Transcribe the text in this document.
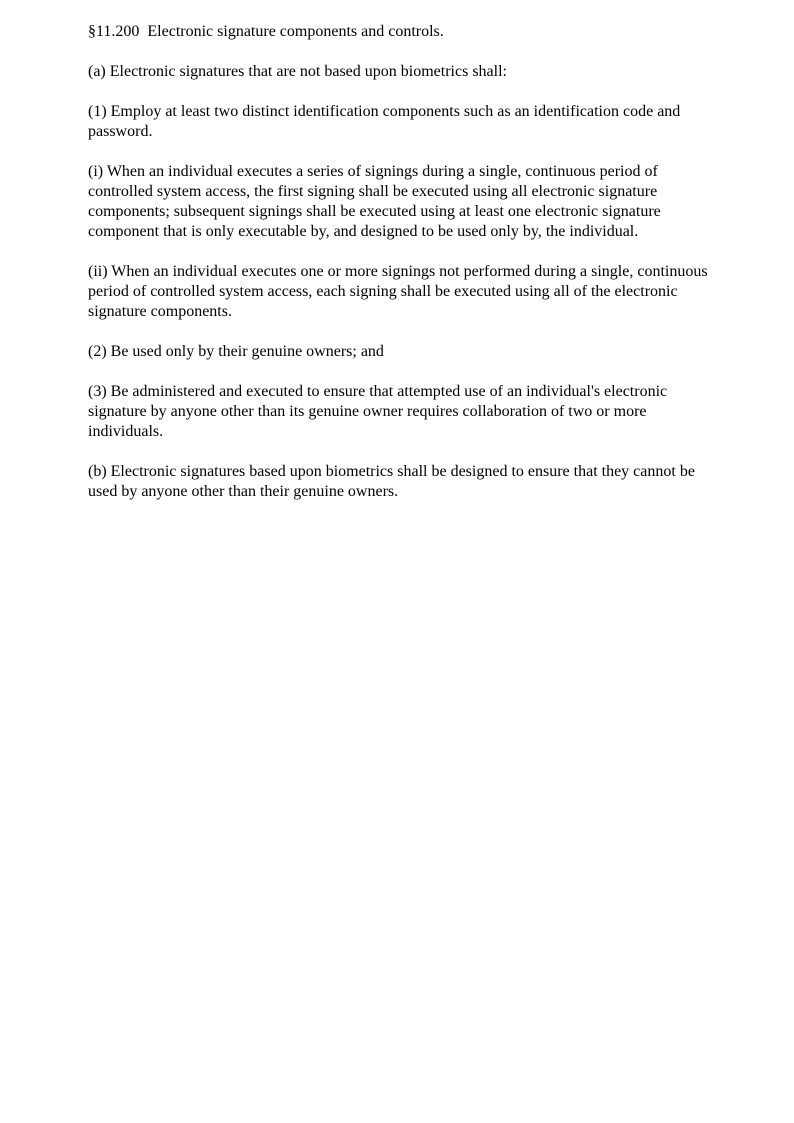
§11.200 Electronic signature components and controls.

(a) Electronic signatures that are not based upon biometrics shall:

(1) Employ at least two distinct identification components such as an identification code and password.

(i) When an individual executes a series of signings during a single, continuous period of controlled system access, the first signing shall be executed using all electronic signature components; subsequent signings shall be executed using at least one electronic signature component that is only executable by, and designed to be used only by, the individual.

(ii) When an individual executes one or more signings not performed during a single, continuous period of controlled system access, each signing shall be executed using all of the electronic signature components.

(2) Be used only by their genuine owners; and

(3) Be administered and executed to ensure that attempted use of an individual's electronic signature by anyone other than its genuine owner requires collaboration of two or more individuals.

(b) Electronic signatures based upon biometrics shall be designed to ensure that they cannot be used by anyone other than their genuine owners.
